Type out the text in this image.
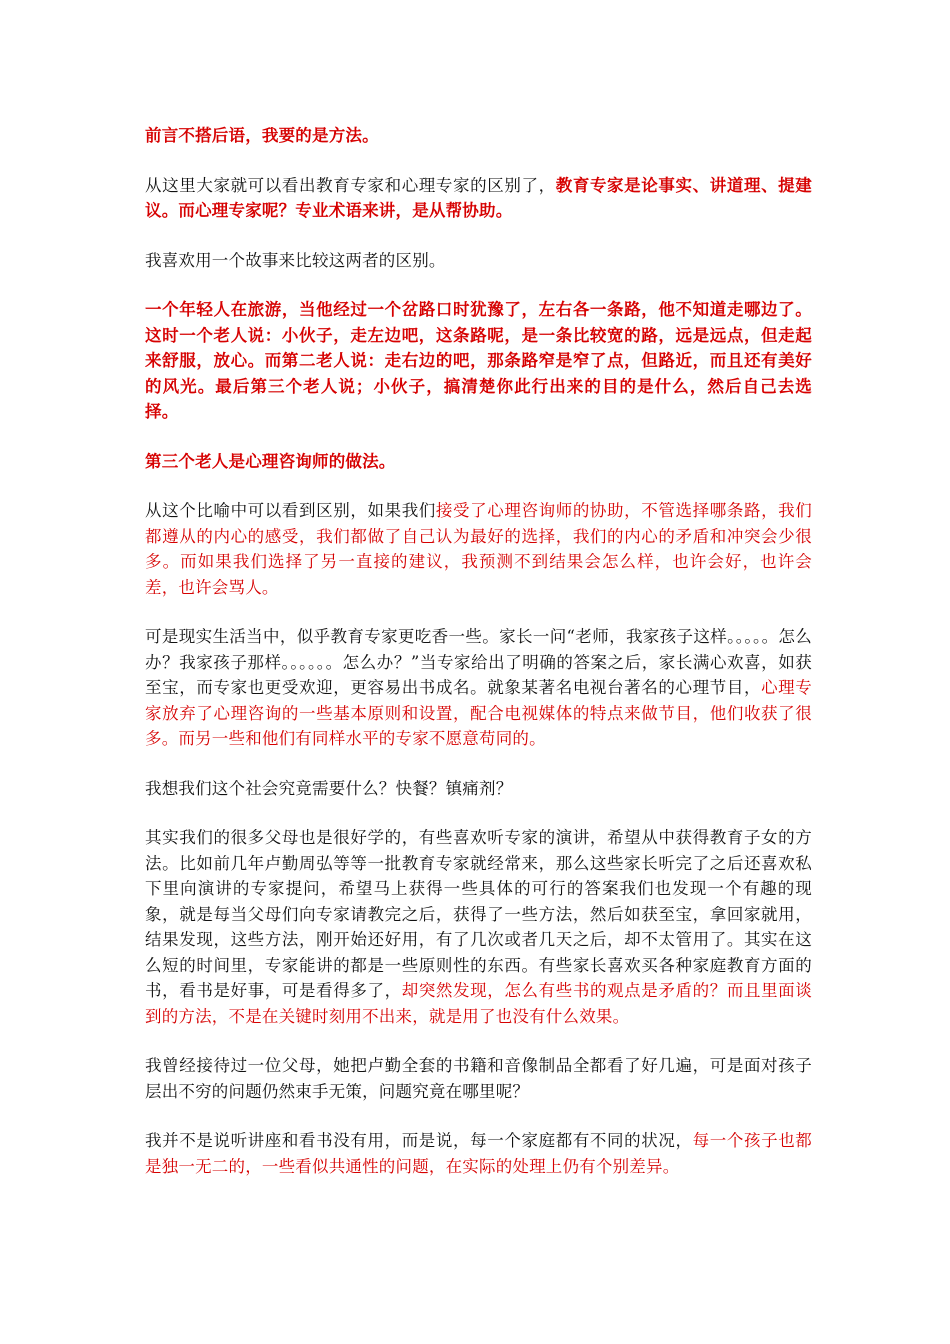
前言不搭后语，我要的是方法。

从这里大家就可以看出教育专家和心理专家的区别了，教育专家是论事实、讲道理、提建议。而心理专家呢？专业术语来讲，是从帮协助。

我喜欢用一个故事来比较这两者的区别。

一个年轻人在旅游，当他经过一个岔路口时犹豫了，左右各一条路，他不知道走哪边了。这时一个老人说：小伙子，走左边吧，这条路呢，是一条比较宽的路，远是远点，但走起来舒服，放心。而第二老人说：走右边的吧，那条路窄是窄了点，但路近，而且还有美好的风光。最后第三个老人说；小伙子，搞清楚你此行出来的目的是什么，然后自己去选择。

第三个老人是心理咨询师的做法。

从这个比喻中可以看到区别，如果我们接受了心理咨询师的协助，不管选择哪条路，我们都遵从的内心的感受，我们都做了自己认为最好的选择，我们的内心的矛盾和冲突会少很多。而如果我们选择了另一直接的建议，我预测不到结果会怎么样，也许会好，也许会差，也许会骂人。

可是现实生活当中，似乎教育专家更吃香一些。家长一问“老师，我家孩子这样。。。。。怎么办？我家孩子那样。。。。。。怎么办？”当专家给出了明确的答案之后，家长满心欢喜，如获至宝，而专家也更受欢迎，更容易出书成名。就象某著名电视台著名的心理节目，心理专家放弃了心理咨询的一些基本原则和设置，配合电视媒体的特点来做节目，他们收获了很多。而另一些和他们有同样水平的专家不愿意苟同的。

我想我们这个社会究竟需要什么？快餐？镇痛剂？

其实我们的很多父母也是很好学的，有些喜欢听专家的演讲，希望从中获得教育子女的方法。比如前几年卢勤周弘等等一批教育专家就经常来，那么这些家长听完了之后还喜欢私下里向演讲的专家提问，希望马上获得一些具体的可行的答案我们也发现一个有趣的现象，就是每当父母们向专家请教完之后，获得了一些方法，然后如获至宝，拿回家就用，结果发现，这些方法，刚开始还好用，有了几次或者几天之后，却不太管用了。其实在这么短的时间里，专家能讲的都是一些原则性的东西。有些家长喜欢买各种家庭教育方面的书，看书是好事，可是看得多了，却突然发现，怎么有些书的观点是矛盾的？而且里面谈到的方法，不是在关键时刻用不出来，就是用了也没有什么效果。

我曾经接待过一位父母，她把卢勤全套的书籍和音像制品全都看了好几遍，可是面对孩子层出不穷的问题仍然束手无策，问题究竟在哪里呢？

我并不是说听讲座和看书没有用，而是说，每一个家庭都有不同的状况，每一个孩子也都是独一无二的，一些看似共通性的问题，在实际的处理上仍有个别差异。
